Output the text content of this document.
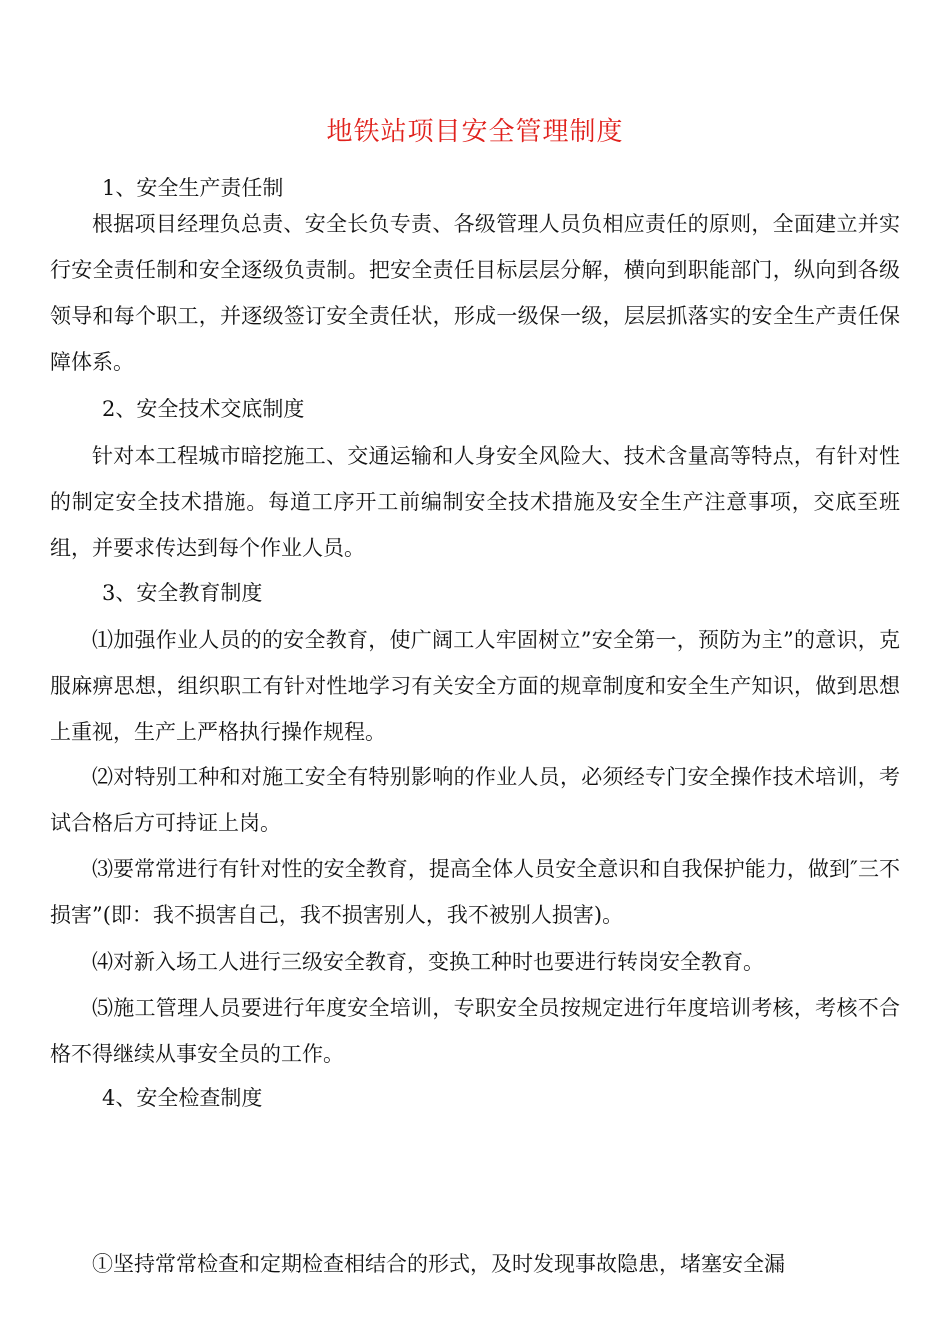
地铁站项目安全管理制度
1、安全生产责任制

根据项目经理负总责、安全长负专责、各级管理人员负相应责任的原则，全面建立并实行安全责任制和安全逐级负责制。把安全责任目标层层分解，横向到职能部门，纵向到各级领导和每个职工，并逐级签订安全责任状，形成一级保一级，层层抓落实的安全生产责任保障体系。

2、安全技术交底制度

针对本工程城市暗挖施工、交通运输和人身安全风险大、技术含量高等特点，有针对性的制定安全技术措施。每道工序开工前编制安全技术措施及安全生产注意事项，交底至班组，并要求传达到每个作业人员。

3、安全教育制度

⑴加强作业人员的的安全教育，使广阔工人牢固树立”安全第一，预防为主”的意识，克服麻痹思想，组织职工有针对性地学习有关安全方面的规章制度和安全生产知识，做到思想上重视，生产上严格执行操作规程。

⑵对特别工种和对施工安全有特别影响的作业人员，必须经专门安全操作技术培训，考试合格后方可持证上岗。

⑶要常常进行有针对性的安全教育，提高全体人员安全意识和自我保护能力，做到″三不损害”(即：我不损害自己，我不损害别人，我不被别人损害)。

⑷对新入场工人进行三级安全教育，变换工种时也要进行转岗安全教育。

⑸施工管理人员要进行年度安全培训，专职安全员按规定进行年度培训考核，考核不合格不得继续从事安全员的工作。

4、安全检查制度

①坚持常常检查和定期检查相结合的形式，及时发现事故隐患，堵塞安全漏
